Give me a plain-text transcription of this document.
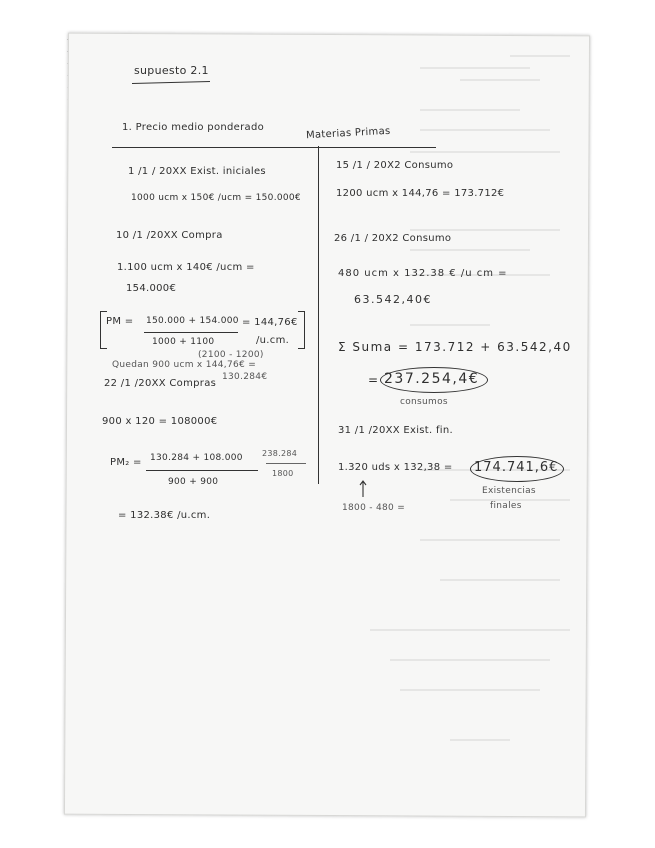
supuesto 2.1
1. Precio medio ponderado	Materias Primas
1 /1 / 20XX Exist. iniciales
1000 ucm x 150€ /ucm = 150.000€
10 /1 /20XX Compra
1.100 ucm x 140€ /ucm =
154.000€
PM = 150.000 + 154.000
1000 + 1100
= 144,76€
/u.cm.
(2100 - 1200)
Quedan 900 ucm x 144,76€ =
130.284€
22 /1 /20XX Compras
900 x 120 = 108000€
PM₂ = 130.284 + 108.000
900 + 900
238.284
1800
= 132.38€ /u.cm.
15 /1 / 20X2 Consumo
1200 ucm x 144,76 = 173.712€
26 /1 / 20X2 Consumo
480 ucm x 132.38 € /u cm =
63.542,40€
Σ Suma = 173.712 + 63.542,40
= 237.254,4€
consumos
31 /1 /20XX Exist. fin.
1.320 uds x 132,38 = 174.741,6€
Existencias
finales
1800 - 480 =
